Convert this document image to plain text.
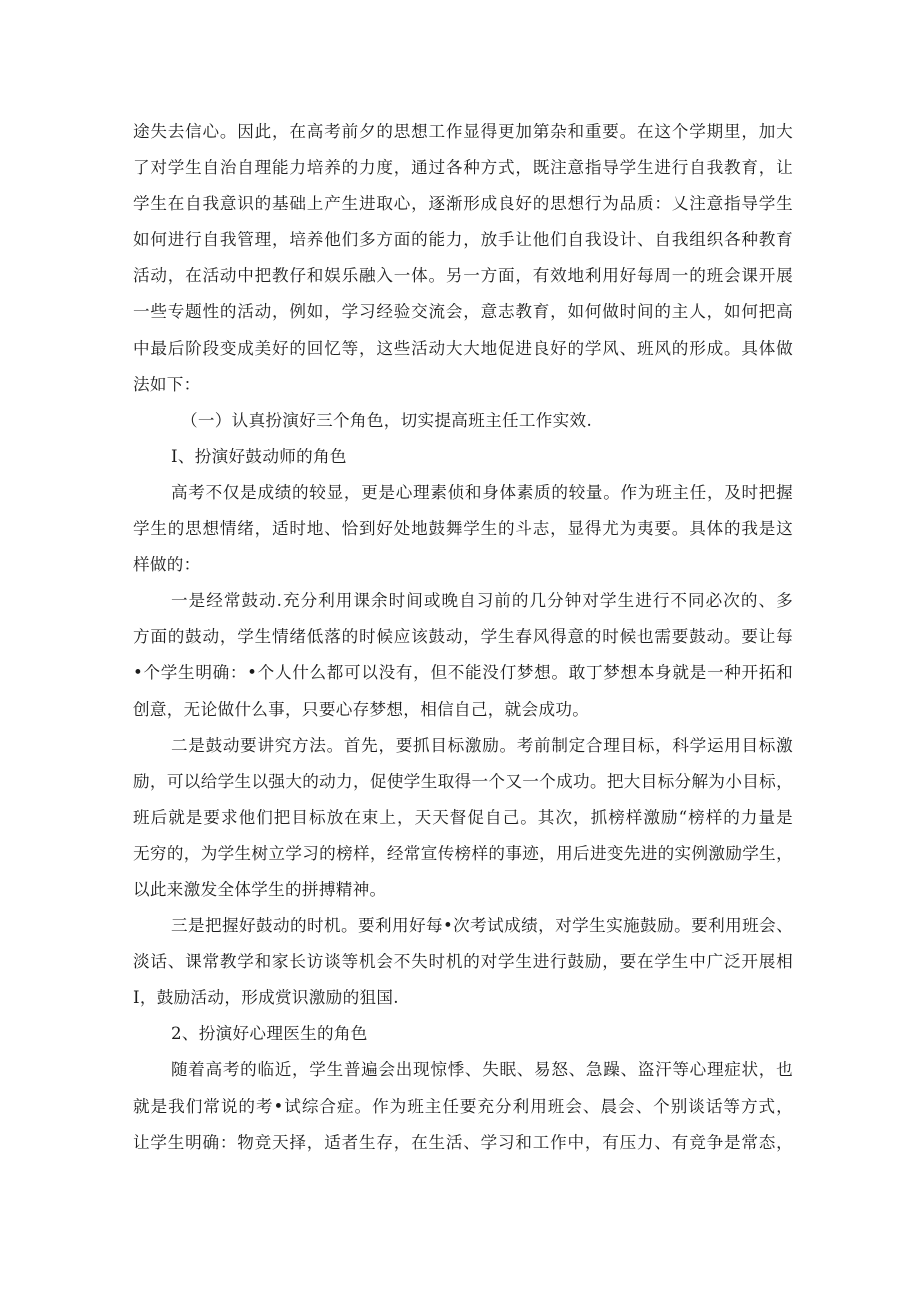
途失去信心。因此，在高考前夕的思想工作显得更加第杂和重要。在这个学期里，加大
了对学生自治自理能力培养的力度，通过各种方式，既注意指导学生进行自我教育，让
学生在自我意识的基础上产生进取心，逐渐形成良好的思想行为品质：乂注意指导学生
如何进行自我管理，培养他们多方面的能力，放手让他们自我设计、自我组织各种教育
活动，在活动中把教仔和娱乐融入一体。另一方面，有效地利用好每周一的班会课开展
一些专题性的活动，例如，学习经验交流会，意志教育，如何做时间的主人，如何把高
中最后阶段变成美好的回忆等，这些活动大大地促进良好的学风、班风的形成。具体做
法如下：
（一）认真扮演好三个角色，切实提高班主任工作实效.
I、扮演好鼓动师的角色
高考不仅是成绩的较显，更是心理素侦和身体素质的较量。作为班主任，及时把握
学生的思想情绪，适时地、恰到好处地鼓舞学生的斗志，显得尤为夷要。具体的我是这
样做的：
一是经常鼓动.充分利用课余时间或晚自习前的几分钟对学生进行不同必次的、多
方面的鼓动，学生情绪低落的时候应该鼓动，学生春风得意的时候也需要鼓动。要让每
•个学生明确：•个人什么都可以没有，但不能没仃梦想。敢丁梦想本身就是一种开拓和
创意，无论做什么事，只要心存梦想，相信自己，就会成功。
二是鼓动要讲究方法。首先，要抓目标激励。考前制定合理目标，科学运用目标激
励，可以给学生以强大的动力，促使学生取得一个又一个成功。把大目标分解为小目标，
班后就是要求他们把目标放在束上，天天督促自己。其次，抓榜样激励“榜样的力量是
无穷的，为学生树立学习的榜样，经常宣传榜样的事迹，用后进变先进的实例激励学生，
以此来激发全体学生的拼搏精神。
三是把握好鼓动的时机。要利用好每•次考试成绩，对学生实施鼓励。要利用班会、
淡话、课常教学和家长访谈等机会不失时机的对学生进行鼓励，要在学生中广泛开展相
I，鼓励活动，形成赏识激励的狙国.
2、扮演好心理医生的角色
随着高考的临近，学生普遍会出现惊悸、失眠、易怒、急躁、盗汗等心理症状，也
就是我们常说的考•试综合症。作为班主任要充分利用班会、晨会、个别谈话等方式，
让学生明确：物竞天择，适者生存，在生活、学习和工作中，有压力、有竞争是常态，
